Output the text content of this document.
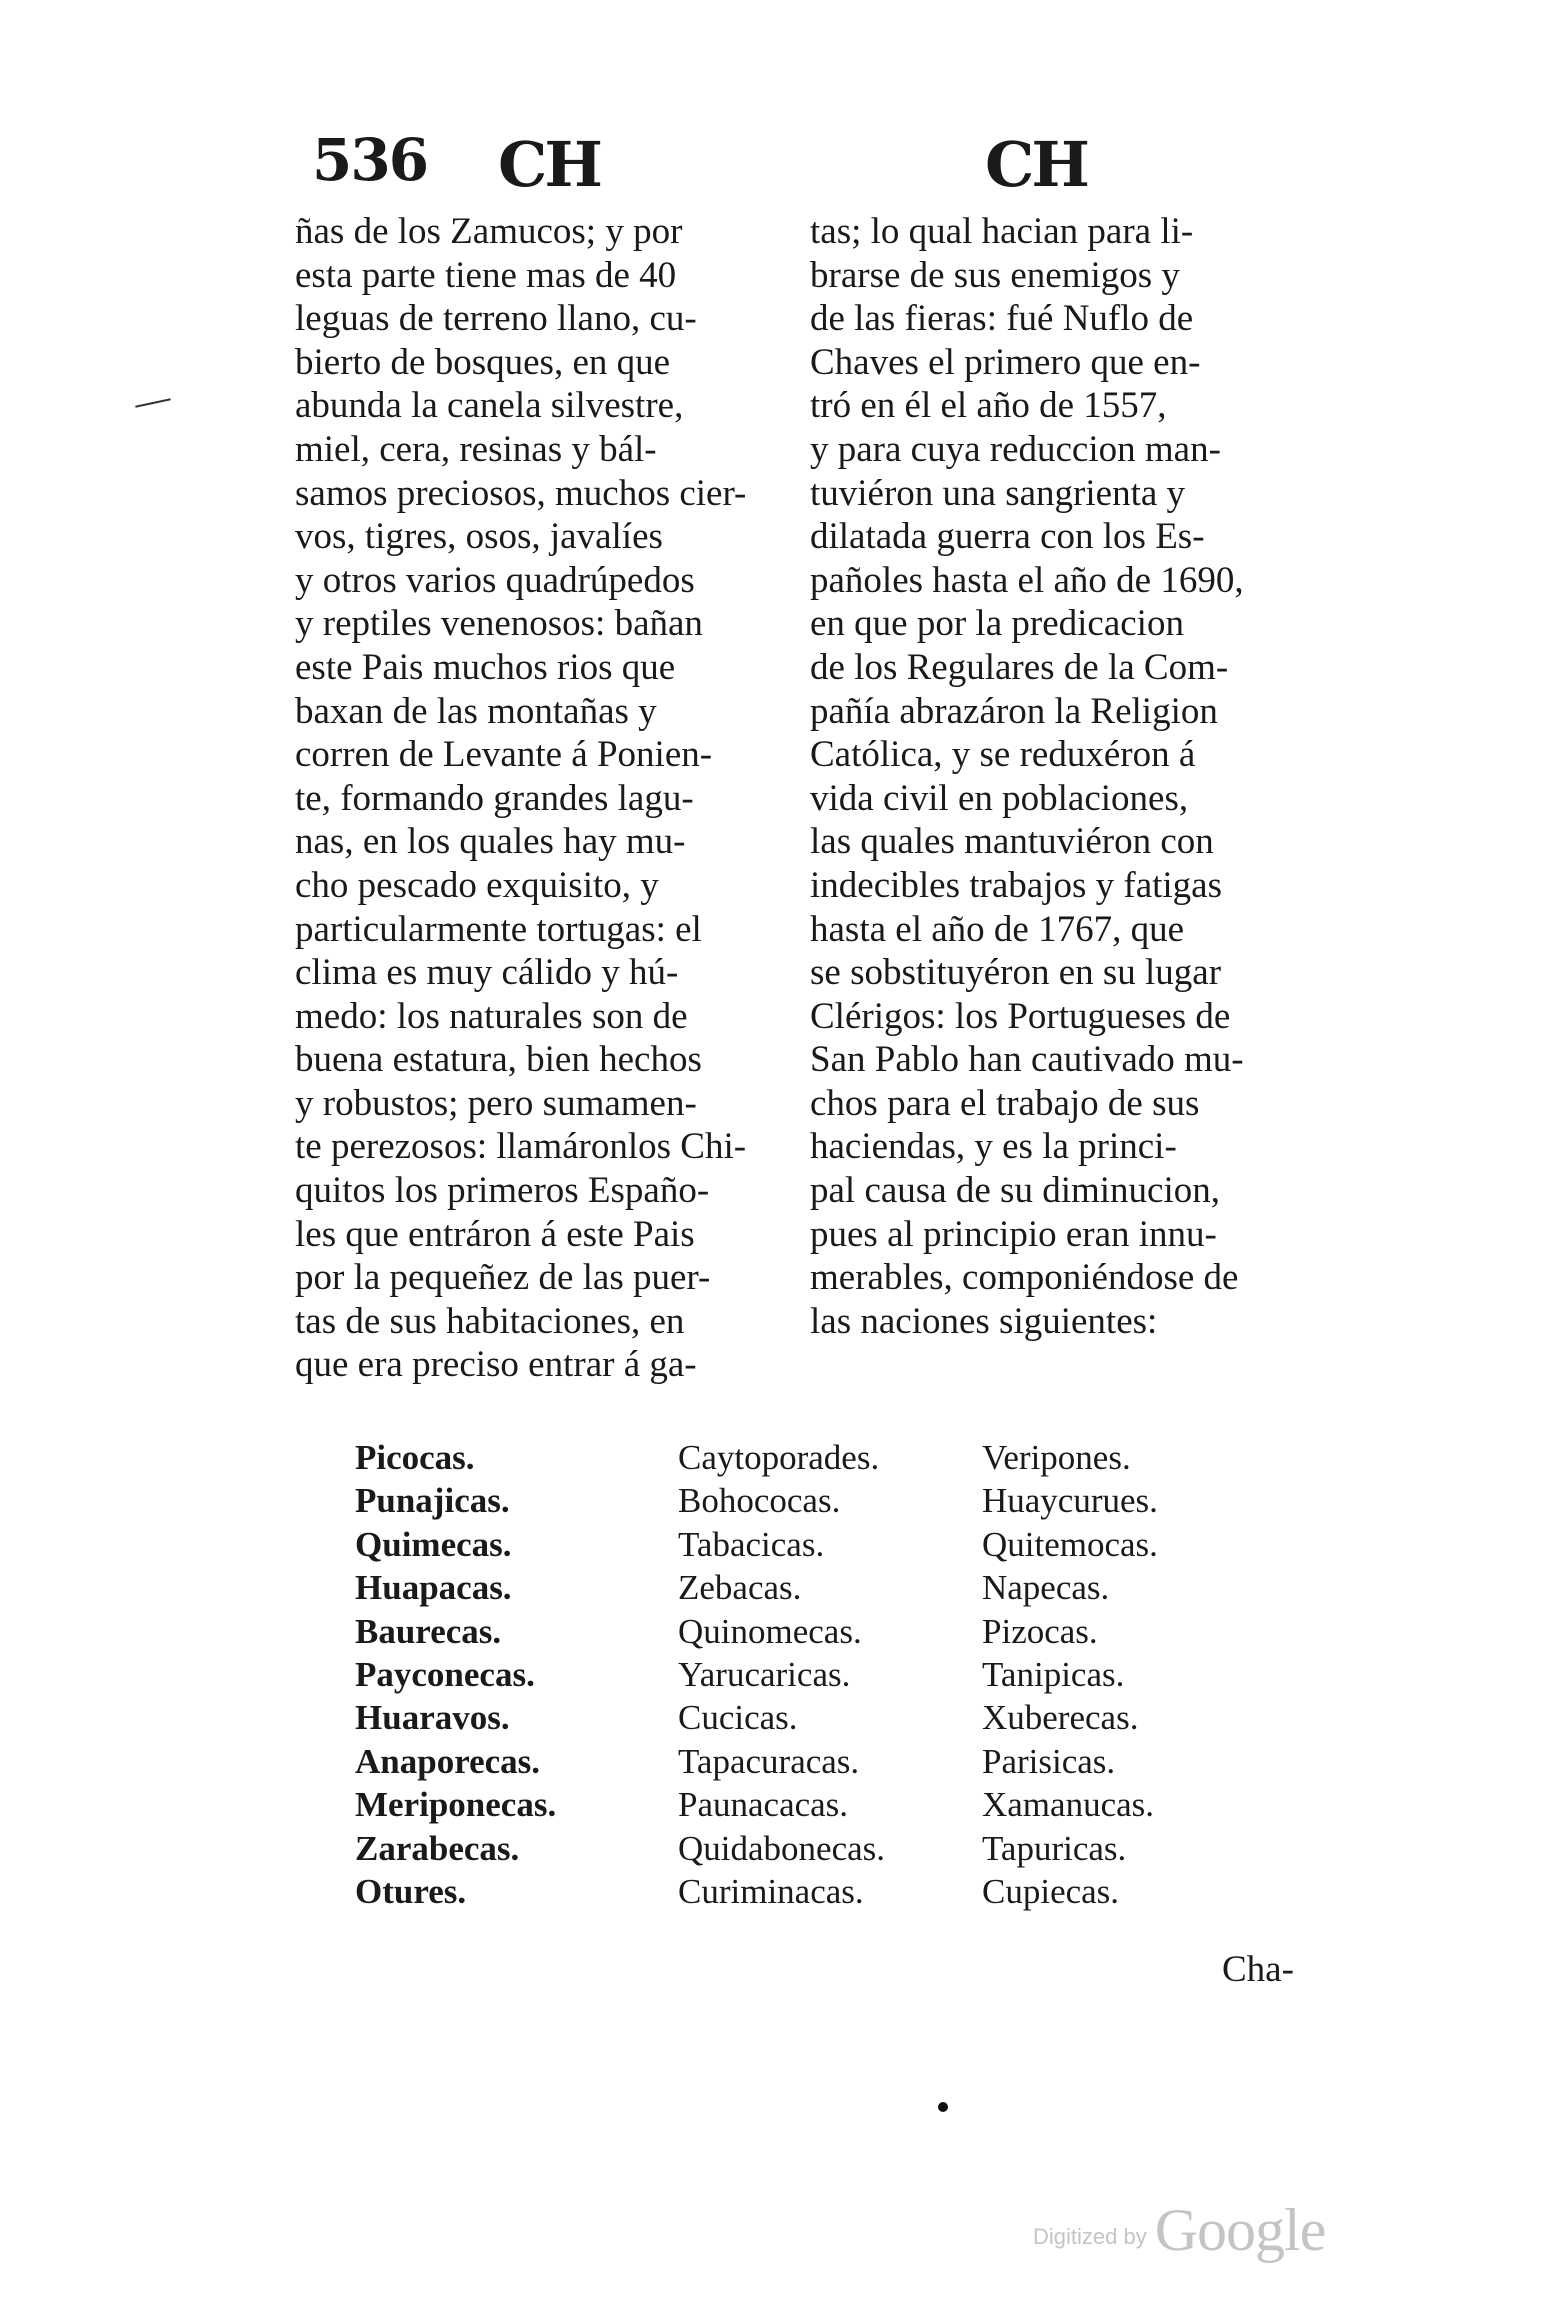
536 CH	CH
ñas de los Zamucos; y por
esta parte tiene mas de 40
leguas de terreno llano, cu-
bierto de bosques, en que
abunda la canela silvestre,
miel, cera, resinas y bál-
samos preciosos, muchos cier-
vos, tigres, osos, javalíes
y otros varios quadrúpedos
y reptiles venenosos: bañan
este Pais muchos rios que
baxan de las montañas y
corren de Levante á Ponien-
te, formando grandes lagu-
nas, en los quales hay mu-
cho pescado exquisito, y
particularmente tortugas: el
clima es muy cálido y hú-
medo: los naturales son de
buena estatura, bien hechos
y robustos; pero sumamen-
te perezosos: llamáronlos Chi-
quitos los primeros Españo-
les que entráron á este Pais
por la pequeñez de las puer-
tas de sus habitaciones, en
que era preciso entrar á ga-
tas; lo qual hacian para li-
brarse de sus enemigos y
de las fieras: fué Nuflo de
Chaves el primero que en-
tró en él el año de 1557,
y para cuya reduccion man-
tuviéron una sangrienta y
dilatada guerra con los Es-
pañoles hasta el año de 1690,
en que por la predicacion
de los Regulares de la Com-
pañía abrazáron la Religion
Católica, y se reduxéron á
vida civil en poblaciones,
las quales mantuviéron con
indecibles trabajos y fatigas
hasta el año de 1767, que
se sobstituyéron en su lugar
Clérigos: los Portugueses de
San Pablo han cautivado mu-
chos para el trabajo de sus
haciendas, y es la princi-
pal causa de su diminucion,
pues al principio eran innu-
merables, componiéndose de
las naciones siguientes:
Picocas.
Punajicas.
Quimecas.
Huapacas.
Baurecas.
Payconecas.
Huaravos.
Anaporecas.
Meriponecas.
Zarabecas.
Otures.
Caytoporades.
Bohococas.
Tabacicas.
Zebacas.
Quinomecas.
Yarucaricas.
Cucicas.
Tapacuracas.
Paunacacas.
Quidabonecas.
Curiminacas.
Veripones.
Huaycurues.
Quitemocas.
Napecas.
Pizocas.
Tanipicas.
Xuberecas.
Parisicas.
Xamanucas.
Tapuricas.
Cupiecas.
Cha-
Digitized by Google
